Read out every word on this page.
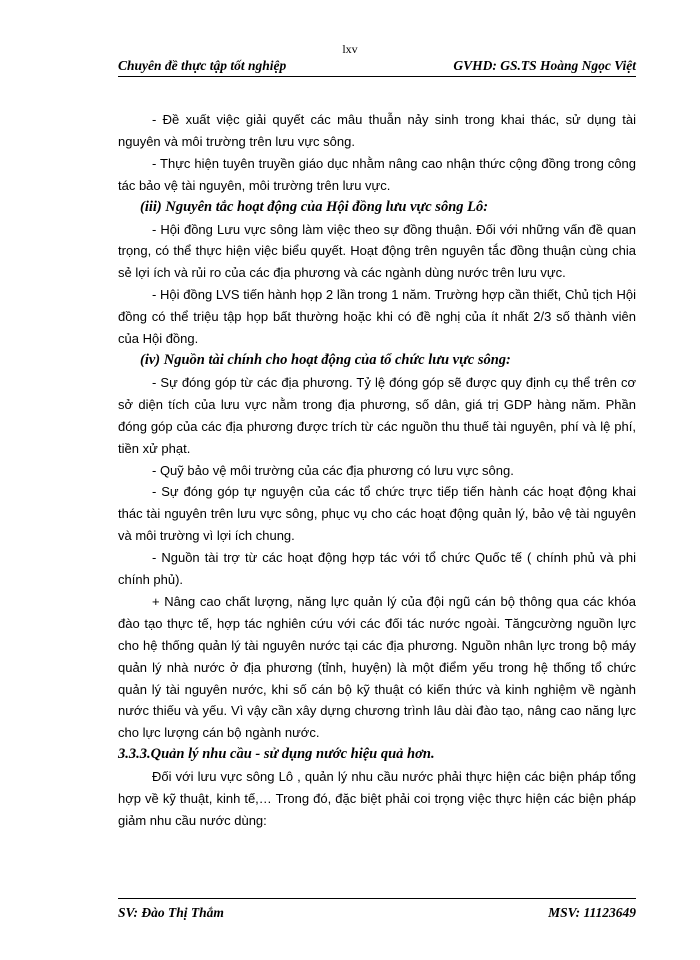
lxv
Chuyên đề thực tập tốt nghiệp	GVHD: GS.TS Hoàng Ngọc Việt

- Đề xuất việc giải quyết các mâu thuẫn nảy sinh trong khai thác, sử dụng tài nguyên và môi trường trên lưu vực sông.

- Thực hiện tuyên truyền giáo dục nhằm nâng cao nhận thức cộng đồng trong công tác bảo vệ tài nguyên, môi trường trên lưu vực.

(iii) Nguyên tắc hoạt động của Hội đồng lưu vực sông Lô:

- Hội đồng Lưu vực sông làm việc theo sự đồng thuận. Đối với những vấn đề quan trọng, có thể thực hiện việc biểu quyết. Hoạt động trên nguyên tắc đồng thuận cùng chia sẻ lợi ích và rủi ro của các địa phương và các ngành dùng nước trên lưu vực.

- Hội đồng LVS tiến hành họp 2 lần trong 1 năm. Trường hợp cần thiết, Chủ tịch Hội đồng có thể triệu tập họp bất thường hoặc khi có đề nghị của ít nhất 2/3 số thành viên của Hội đồng.

(iv) Nguồn tài chính cho hoạt động của tổ chức lưu vực sông:

- Sự đóng góp từ các địa phương. Tỷ lệ đóng góp sẽ được quy định cụ thể trên cơ sở diện tích của lưu vực nằm trong địa phương, số dân, giá trị GDP hàng năm. Phần đóng góp của các địa phương được trích từ các nguồn thu thuế tài nguyên, phí và lệ phí, tiền xử phạt.

- Quỹ bảo vệ môi trường của các địa phương có lưu vực sông.

- Sự đóng góp tự nguyện của các tổ chức trực tiếp tiến hành các hoạt động khai thác tài nguyên trên lưu vực sông, phục vụ cho các hoạt động quản lý, bảo vệ tài nguyên và môi trường vì lợi ích chung.

- Nguồn tài trợ từ các hoạt động hợp tác với tổ chức Quốc tế ( chính phủ và phi chính phủ).

+ Nâng cao chất lượng, năng lực quản lý của đội ngũ cán bộ thông qua các khóa đào tạo thực tế, hợp tác nghiên cứu với các đối tác nước ngoài. Tăngcường nguồn lực cho hệ thống quản lý tài nguyên nước tại các địa phương. Nguồn nhân lực trong bộ máy quản lý nhà nước ở địa phương (tỉnh, huyện) là một điểm yếu trong hệ thống tổ chức quản lý tài nguyên nước, khi số cán bộ kỹ thuật có kiến thức và kinh nghiệm về ngành nước thiếu và yếu. Vì vậy cần xây dựng chương trình lâu dài đào tạo, nâng cao năng lực cho lực lượng cán bộ ngành nước.

3.3.3.Quản lý nhu cầu - sử dụng nước hiệu quả hơn.

Đối với lưu vực sông Lô , quản lý nhu cầu nước phải thực hiện các biện pháp tổng hợp về kỹ thuật, kinh tế,… Trong đó, đặc biệt phải coi trọng việc thực hiện các biện pháp giảm nhu cầu nước dùng:

SV: Đào Thị Thắm	MSV: 11123649
